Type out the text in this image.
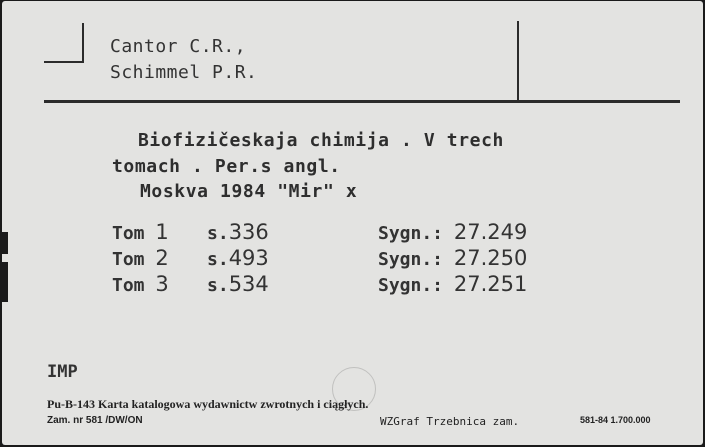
Cantor C.R.,
Schimmel P.R.
Biofizičeskaja chimija . V trech
tomach . Per.s angl.
Moskva 1984 "Mir" x
Tom 1 s.336	Sygn.: 27.249
Tom 2 s.493	Sygn.: 27.250
Tom 3 s.534	Sygn.: 27.251
IMP
Pu-B-143 Karta katalogowa wydawnictw zwrotnych i ciągłych.
Zam. nr 581 /DW/ON	WZGraf Trzebnica zam.	581-84 1.700.000
